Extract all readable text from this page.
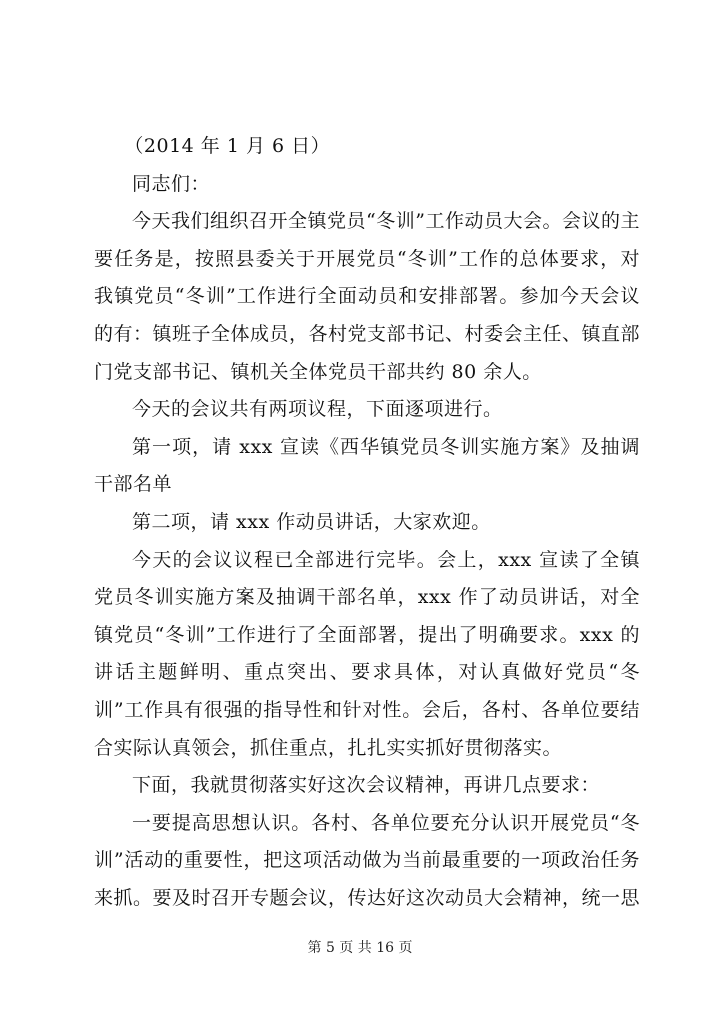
（2014 年 1 月 6 日）

同志们：

今天我们组织召开全镇党员“冬训”工作动员大会。会议的主要任务是，按照县委关于开展党员“冬训”工作的总体要求，对我镇党员“冬训”工作进行全面动员和安排部署。参加今天会议的有：镇班子全体成员，各村党支部书记、村委会主任、镇直部门党支部书记、镇机关全体党员干部共约 80 余人。

今天的会议共有两项议程，下面逐项进行。

第一项，请 xxx 宣读《西华镇党员冬训实施方案》及抽调干部名单

第二项，请 xxx 作动员讲话，大家欢迎。

今天的会议议程已全部进行完毕。会上，xxx 宣读了全镇党员冬训实施方案及抽调干部名单，xxx 作了动员讲话，对全镇党员“冬训”工作进行了全面部署，提出了明确要求。xxx 的讲话主题鲜明、重点突出、要求具体，对认真做好党员“冬训”工作具有很强的指导性和针对性。会后，各村、各单位要结合实际认真领会，抓住重点，扎扎实实抓好贯彻落实。

下面，我就贯彻落实好这次会议精神，再讲几点要求：

一要提高思想认识。各村、各单位要充分认识开展党员“冬训”活动的重要性，把这项活动做为当前最重要的一项政治任务来抓。要及时召开专题会议，传达好这次动员大会精神，统一思

第 5 页 共 16 页
